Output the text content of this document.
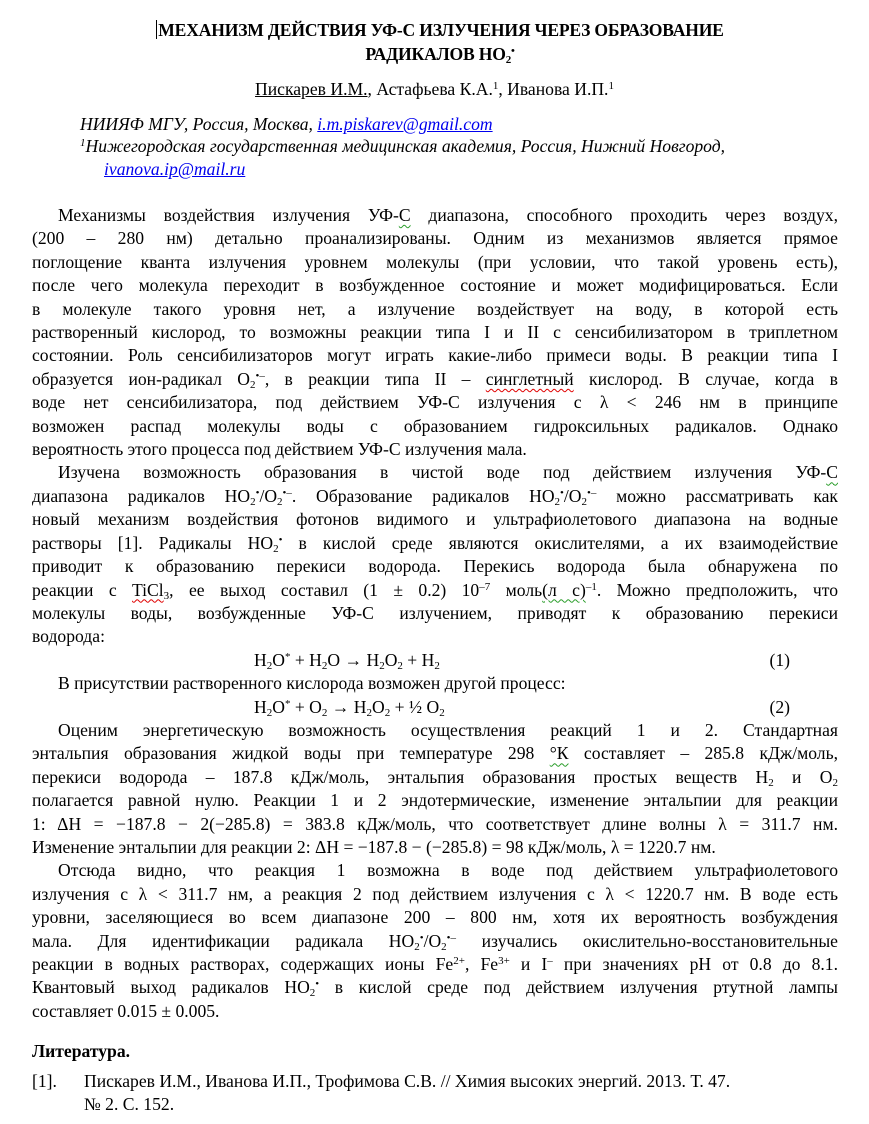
МЕХАНИЗМ ДЕЙСТВИЯ УФ-С ИЗЛУЧЕНИЯ ЧЕРЕЗ ОБРАЗОВАНИЕ
РАДИКАЛОВ $НО_2^•$
Пискарев И.М., Астафьева К.А.$^1$, Иванова И.П.$^1$
НИИЯФ МГУ, Россия, Москва, i.m.piskarev@gmail.com
$^1$Нижегородская государственная медицинская академия, Россия, Нижний Новгород,
ivanova.ip@mail.ru
Механизмы воздействия излучения УФ-С диапазона, способного проходить через воздух,
(200 – 280 нм) детально проанализированы. Одним из механизмов является прямое
поглощение кванта излучения уровнем молекулы (при условии, что такой уровень есть),
после чего молекула переходит в возбужденное состояние и может модифицироваться. Если
в молекуле такого уровня нет, а излучение воздействует на воду, в которой есть
растворенный кислород, то возможны реакции типа I и II с сенсибилизатором в триплетном
состоянии. Роль сенсибилизаторов могут играть какие-либо примеси воды. В реакции типа I
образуется ион-радикал $О_2^{•-}$, в реакции типа II – синглетный кислород. В случае, когда в
воде нет сенсибилизатора, под действием УФ-С излучения с λ < 246 нм в принципе
возможен распад молекулы воды с образованием гидроксильных радикалов. Однако
вероятность этого процесса под действием УФ-С излучения мала.
Изучена возможность образования в чистой воде под действием излучения УФ-С
диапазона радикалов $НО_2^•/О_2^{•-}$. Образование радикалов $НО_2^•/О_2^{•-}$ можно рассматривать как
новый механизм воздействия фотонов видимого и ультрафиолетового диапазона на водные
растворы [1]. Радикалы $НО_2^•$ в кислой среде являются окислителями, а их взаимодействие
приводит к образованию перекиси водорода. Перекись водорода была обнаружена по
реакции с TiCl$_3$, ее выход составил (1 ± 0.2) $10^{-7}$ моль(л с)$^{-1}$. Можно предположить, что
молекулы воды, возбужденные УФ-С излучением, приводят к образованию перекиси
водорода:
$H_2O^* + H_2O \to H_2O_2 + H_2$	(1)
В присутствии растворенного кислорода возможен другой процесс:
$H_2O^* + O_2 \to H_2O_2$ + ½ $O_2$	(2)
Оценим энергетическую возможность осуществления реакций 1 и 2. Стандартная
энтальпия образования жидкой воды при температуре 298 °К составляет – 285.8 кДж/моль,
перекиси водорода – 187.8 кДж/моль, энтальпия образования простых веществ $Н_2$ и $О_2$
полагается равной нулю. Реакции 1 и 2 эндотермические, изменение энтальпии для реакции
1: ΔH = −187.8 − 2(−285.8) = 383.8 кДж/моль, что соответствует длине волны λ = 311.7 нм.
Изменение энтальпии для реакции 2: ΔH = −187.8 − (−285.8) = 98 кДж/моль, λ = 1220.7 нм.
Отсюда видно, что реакция 1 возможна в воде под действием ультрафиолетового
излучения с λ < 311.7 нм, а реакция 2 под действием излучения с λ < 1220.7 нм. В воде есть
уровни, заселяющиеся во всем диапазоне 200 – 800 нм, хотя их вероятность возбуждения
мала. Для идентификации радикала $НО_2^•/О_2^{•-}$ изучались окислительно-восстановительные
реакции в водных растворах, содержащих ионы $Fe^{2+}$, $Fe^{3+}$ и I– при значениях pH от 0.8 до 8.1.
Квантовый выход радикалов $НО_2^•$ в кислой среде под действием излучения ртутной лампы
составляет 0.015 ± 0.005.
Литература.
[1]. Пискарев И.М., Иванова И.П., Трофимова С.В. // Химия высоких энергий. 2013. Т. 47.
№ 2. С. 152.
